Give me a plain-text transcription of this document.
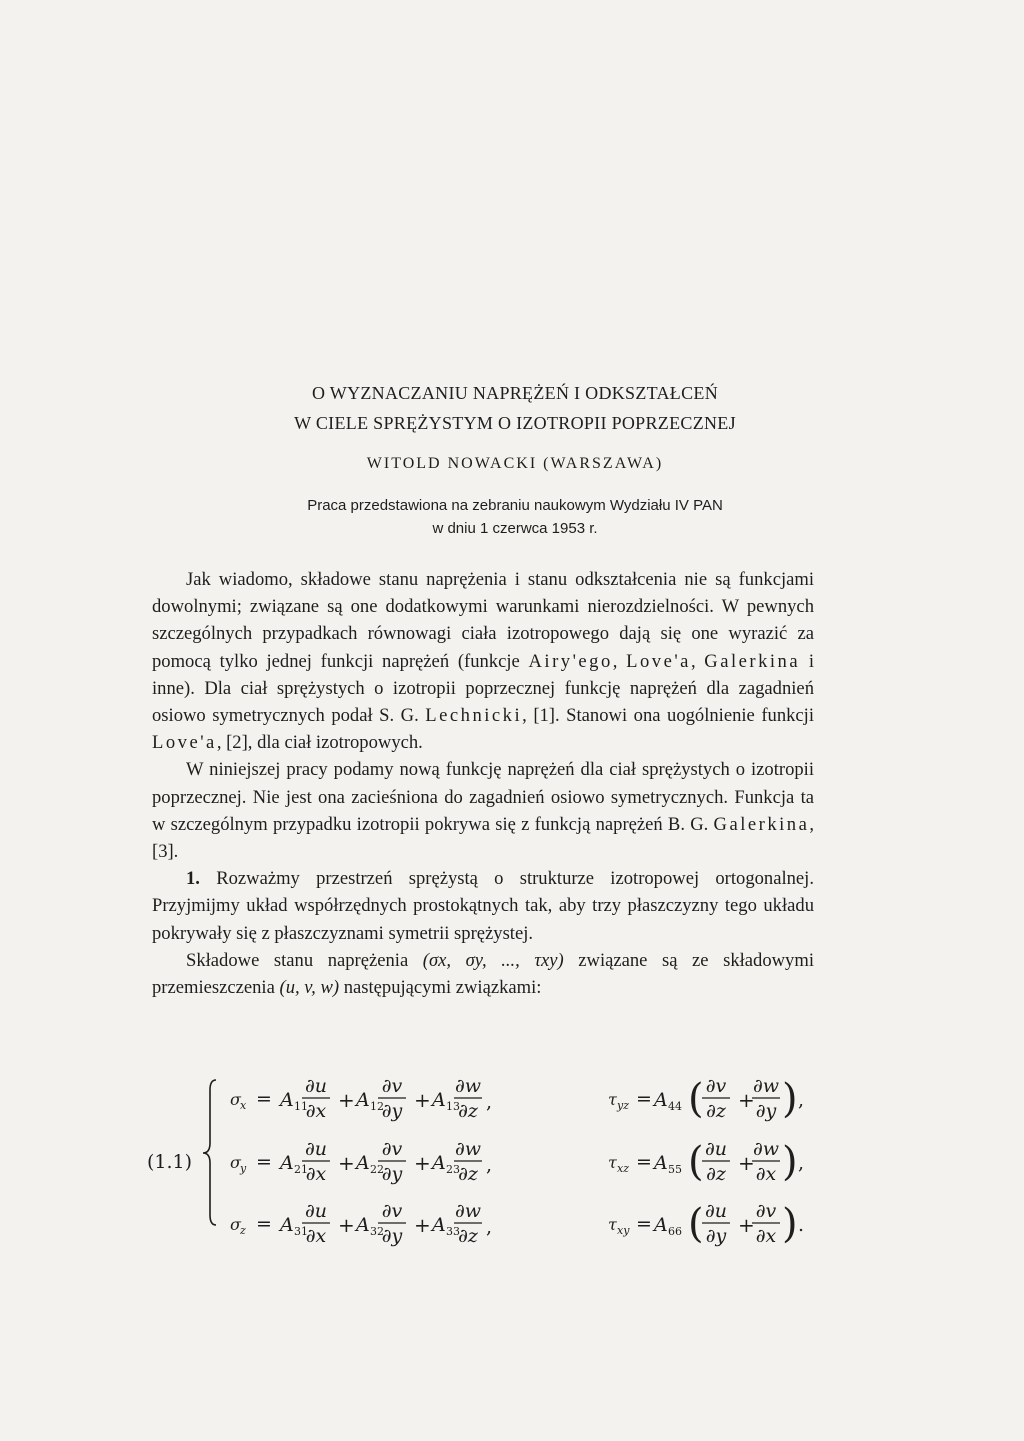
O WYZNACZANIU NAPRĘŻEŃ I ODKSZTAŁCEŃ
W CIELE SPRĘŻYSTYM O IZOTROPII POPRZECZNEJ
WITOLD NOWACKI (WARSZAWA)
Praca przedstawiona na zebraniu naukowym Wydziału IV PAN
w dniu 1 czerwca 1953 r.

Jak wiadomo, składowe stanu naprężenia i stanu odkształcenia nie są funkcjami dowolnymi; związane są one dodatkowymi warunkami nierozdzielności. W pewnych szczególnych przypadkach równowagi ciała izotropowego dają się one wyrazić za pomocą tylko jednej funkcji naprężeń (funkcje Airy'ego, Love'a, Galerkina i inne). Dla ciał sprężystych o izotropii poprzecznej funkcję naprężeń dla zagadnień osiowo symetrycznych podał S. G. Lechnicki, [1]. Stanowi ona uogólnienie funkcji Love'a, [2], dla ciał izotropowych.

W niniejszej pracy podamy nową funkcję naprężeń dla ciał sprężystych o izotropii poprzecznej. Nie jest ona zacieśniona do zagadnień osiowo symetrycznych. Funkcja ta w szczególnym przypadku izotropii pokrywa się z funkcją naprężeń B. G. Galerkina, [3].

1. Rozważmy przestrzeń sprężystą o strukturze izotropowej ortogonalnej. Przyjmijmy układ współrzędnych prostokątnych tak, aby trzy płaszczyzny tego układu pokrywały się z płaszczyznami symetrii sprężystej.

Składowe stanu naprężenia (σx, σy, ..., τxy) związane są ze składowymi przemieszczenia (u, v, w) następującymi związkami:

(1.1)
σ x = A 11
∂u
∂x + A 12
∂v
∂y + A 13
∂w
∂z ,	τ yz = A 44 ( ∂v
∂z +
∂w
∂y ) ,
σ y = A 21
∂u
∂x + A 22
∂v
∂y + A 23
∂w
∂z ,	τ xz = A 55 ( ∂u
∂z +
∂w
∂x ) ,
σ z = A 31
∂u
∂x + A 32
∂v
∂y + A 33
∂w
∂z ,	τ xy = A 66 ( ∂u
∂y +
∂v
∂x ) .
